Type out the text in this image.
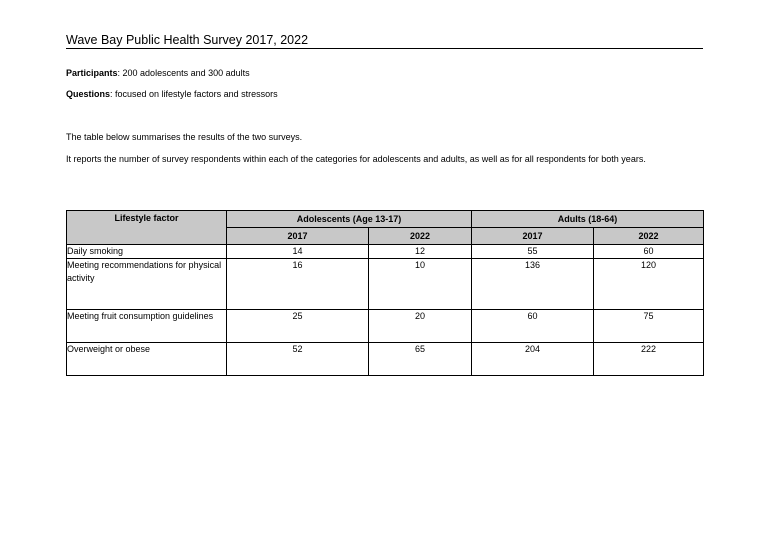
Wave Bay Public Health Survey 2017, 2022
Participants: 200 adolescents and 300 adults
Questions: focused on lifestyle factors and stressors
The table below summarises the results of the two surveys.
It reports the number of survey respondents within each of the categories for adolescents and adults, as well as for all respondents for both years.
Lifestyle factor	Adolescents (Age 13-17)		Adults (18-64)	
	2017	2022	2017	2022
Daily smoking	14	12	55	60
Meeting recommendations for physical activity	16	10	136	120
Meeting fruit consumption guidelines	25	20	60	75
Overweight or obese	52	65	204	222
